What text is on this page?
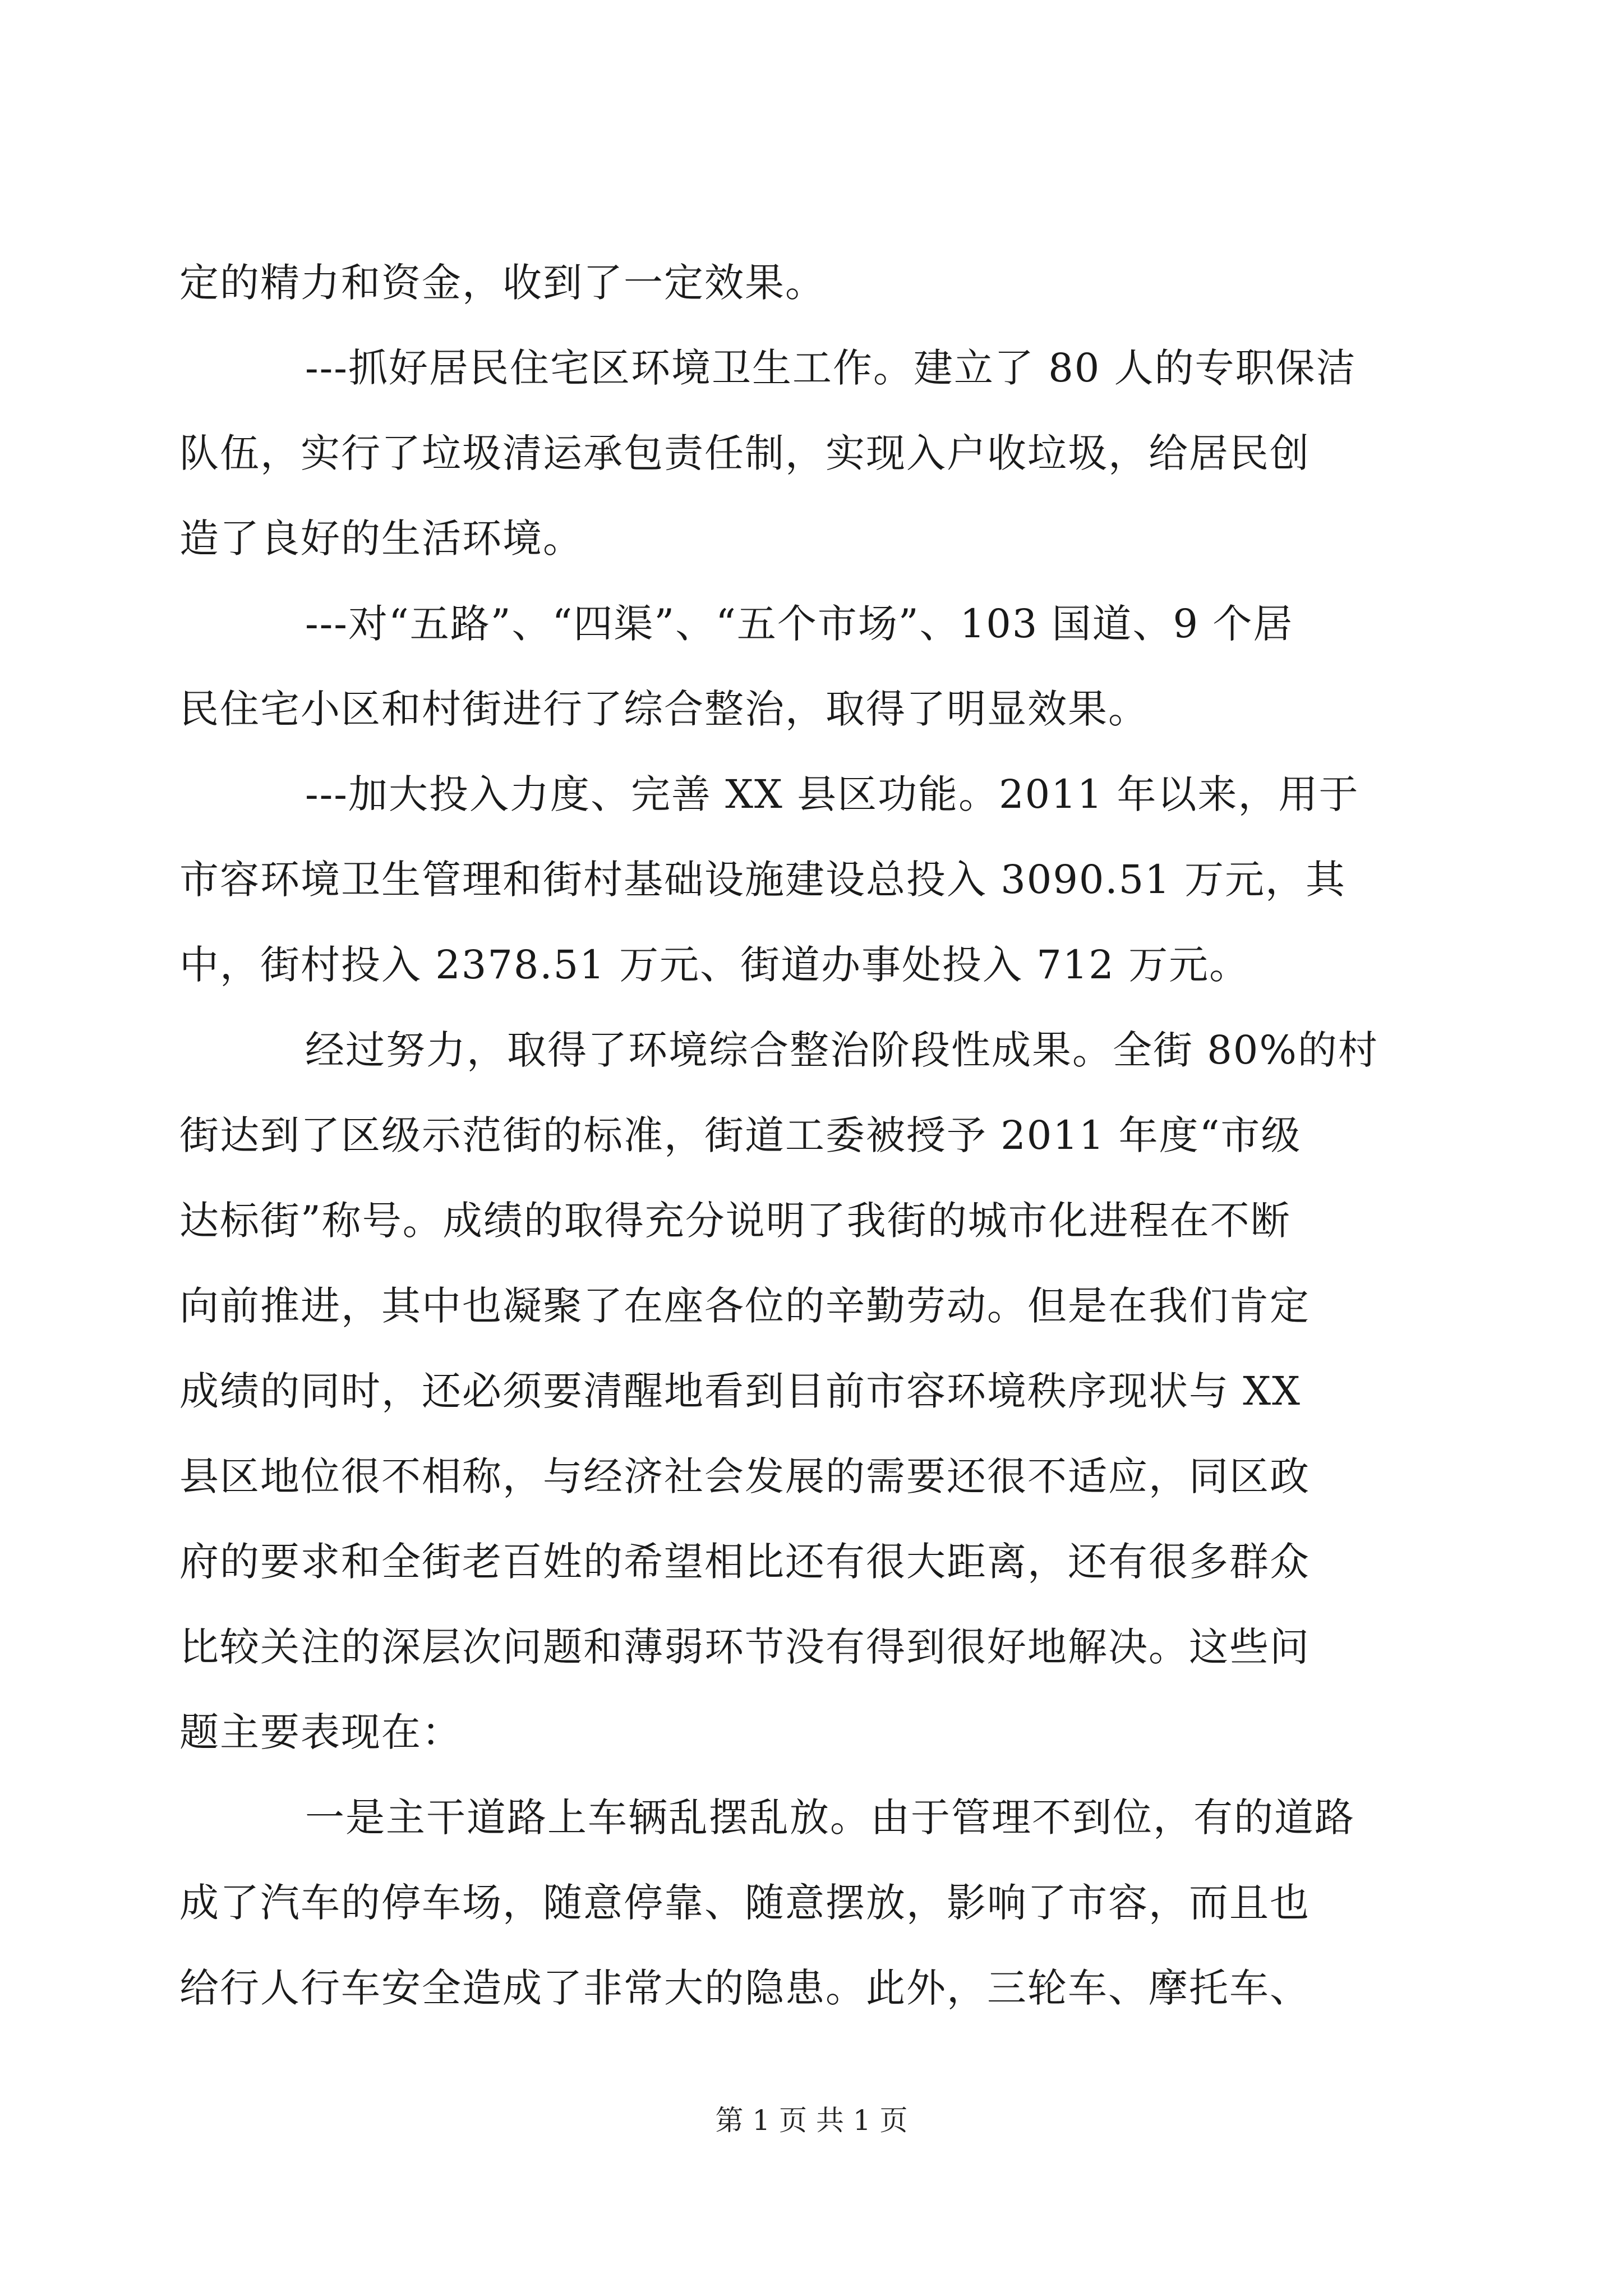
定的精力和资金，收到了一定效果。
---抓好居民住宅区环境卫生工作。建立了 80 人的专职保洁
队伍，实行了垃圾清运承包责任制，实现入户收垃圾，给居民创
造了良好的生活环境。
---对“五路”、“四渠”、“五个市场”、103 国道、9 个居
民住宅小区和村街进行了综合整治，取得了明显效果。
---加大投入力度、完善 XX 县区功能。2011 年以来，用于
市容环境卫生管理和街村基础设施建设总投入 3090.51 万元，其
中，街村投入 2378.51 万元、街道办事处投入 712 万元。
经过努力，取得了环境综合整治阶段性成果。全街 80%的村
街达到了区级示范街的标准，街道工委被授予 2011 年度“市级
达标街”称号。成绩的取得充分说明了我街的城市化进程在不断
向前推进，其中也凝聚了在座各位的辛勤劳动。但是在我们肯定
成绩的同时，还必须要清醒地看到目前市容环境秩序现状与 XX
县区地位很不相称，与经济社会发展的需要还很不适应，同区政
府的要求和全街老百姓的希望相比还有很大距离，还有很多群众
比较关注的深层次问题和薄弱环节没有得到很好地解决。这些问
题主要表现在：
一是主干道路上车辆乱摆乱放。由于管理不到位，有的道路
成了汽车的停车场，随意停靠、随意摆放，影响了市容，而且也
给行人行车安全造成了非常大的隐患。此外，三轮车、摩托车、
第 1 页 共 1 页
